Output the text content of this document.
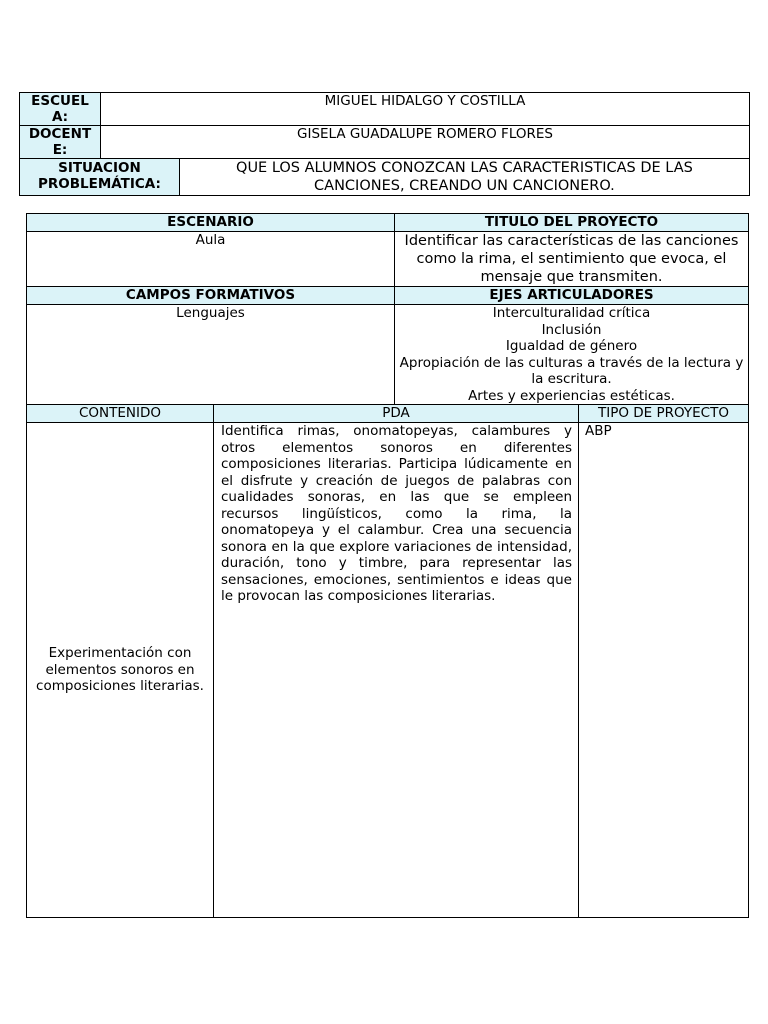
ESCUELA:	MIGUEL HIDALGO Y COSTILLA	
DOCENTE:	GISELA GUADALUPE ROMERO FLORES	
SITUACION PROBLEMÁTICA:		QUE LOS ALUMNOS CONOZCAN LAS CARACTERISTICAS DE LAS CANCIONES, CREANDO UN CANCIONERO.
ESCENARIO		TITULO DEL PROYECTO	
Aula		Identificar las características de las canciones como la rima, el sentimiento que evoca, el mensaje que transmiten.	
CAMPOS FORMATIVOS		EJES ARTICULADORES	
Lenguajes		Interculturalidad crítica
Inclusión
Igualdad de género
Apropiación de las culturas a través de la lectura y la escritura.
Artes y experiencias estéticas.	

CONTENIDO	PDA		TIPO DE PROYECTO
Experimentación con elementos sonoros en composiciones literarias.	Identifica rimas, onomatopeyas, calambures y otros elementos sonoros en diferentes composiciones literarias. Participa lúdicamente en el disfrute y creación de juegos de palabras con cualidades sonoras, en las que se empleen recursos lingüísticos, como la rima, la onomatopeya y el calambur. Crea una secuencia sonora en la que explore variaciones de intensidad, duración, tono y timbre, para representar las sensaciones, emociones, sentimientos e ideas que le provocan las composiciones literarias.		ABP
